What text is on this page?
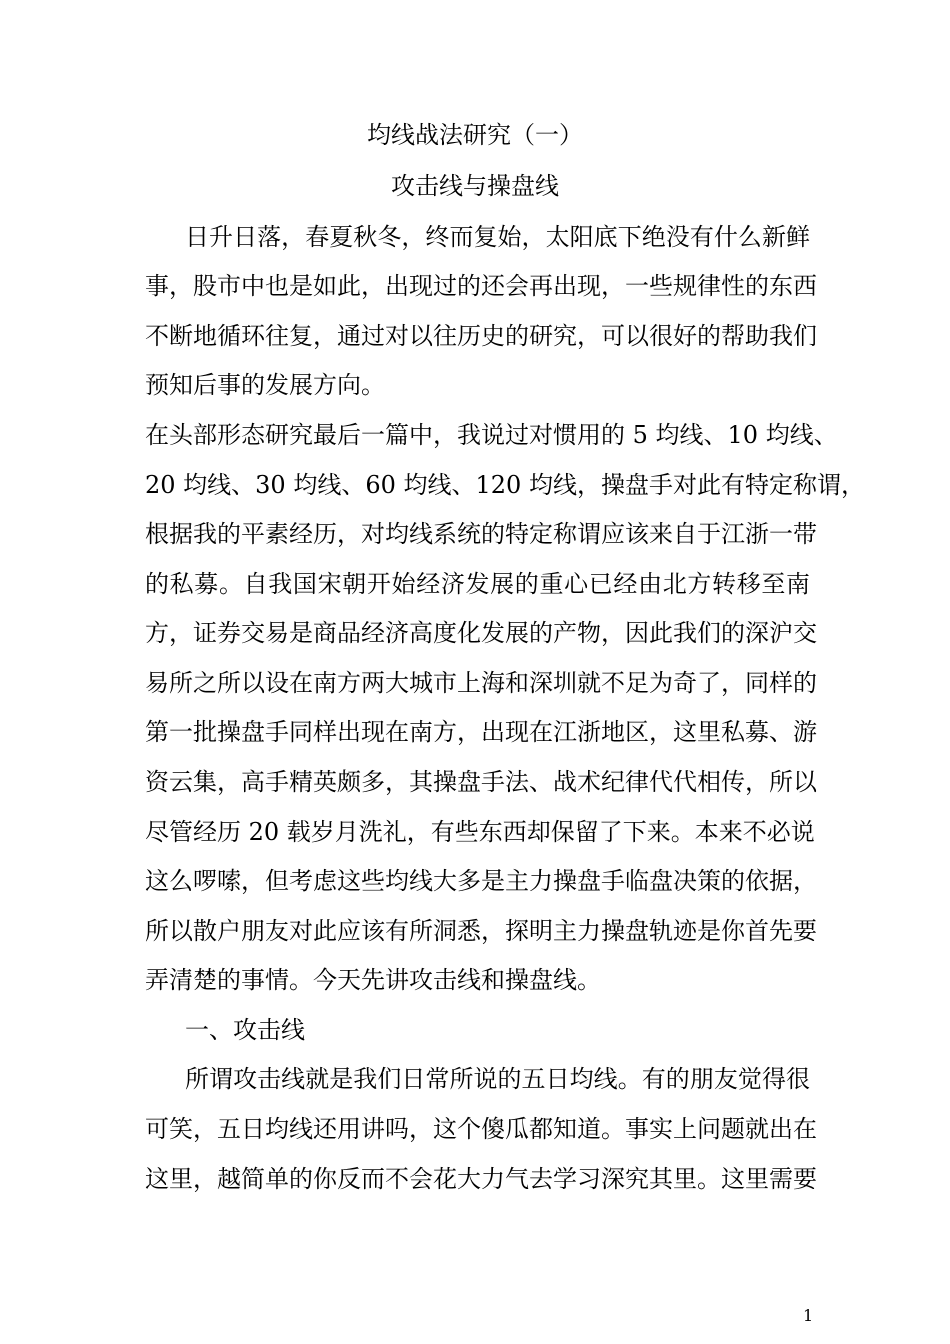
均线战法研究（一）
攻击线与操盘线
日升日落，春夏秋冬，终而复始，太阳底下绝没有什么新鲜
事，股市中也是如此，出现过的还会再出现，一些规律性的东西
不断地循环往复，通过对以往历史的研究，可以很好的帮助我们
预知后事的发展方向。
在头部形态研究最后一篇中，我说过对惯用的 5 均线、10 均线、
20 均线、30 均线、60 均线、120 均线，操盘手对此有特定称谓，
根据我的平素经历，对均线系统的特定称谓应该来自于江浙一带
的私募。自我国宋朝开始经济发展的重心已经由北方转移至南
方，证券交易是商品经济高度化发展的产物，因此我们的深沪交
易所之所以设在南方两大城市上海和深圳就不足为奇了，同样的
第一批操盘手同样出现在南方，出现在江浙地区，这里私募、游
资云集，高手精英颇多，其操盘手法、战术纪律代代相传，所以
尽管经历 20 载岁月洗礼，有些东西却保留了下来。本来不必说
这么啰嗦，但考虑这些均线大多是主力操盘手临盘决策的依据，
所以散户朋友对此应该有所洞悉，探明主力操盘轨迹是你首先要
弄清楚的事情。今天先讲攻击线和操盘线。
一、攻击线
所谓攻击线就是我们日常所说的五日均线。有的朋友觉得很
可笑，五日均线还用讲吗，这个傻瓜都知道。事实上问题就出在
这里，越简单的你反而不会花大力气去学习深究其里。这里需要
1
